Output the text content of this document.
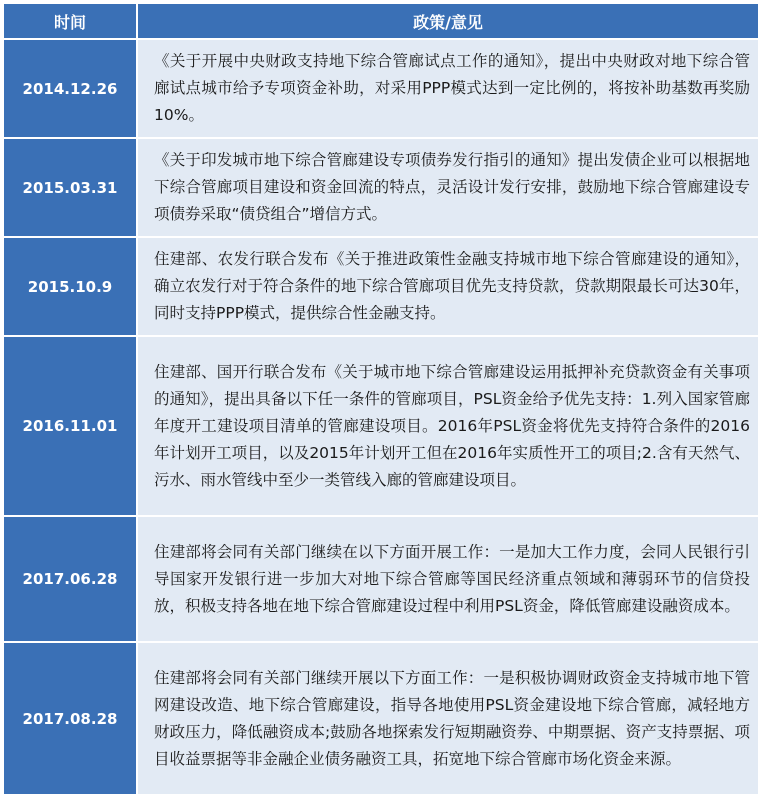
时间	政策/意见
2014.12.26	《关于开展中央财政支持地下综合管廊试点工作的通知》，提出中央财政对地下综合管廊试点城市给予专项资金补助，对采用PPP模式达到一定比例的，将按补助基数再奖励10%。
2015.03.31	《关于印发城市地下综合管廊建设专项债券发行指引的通知》提出发债企业可以根据地下综合管廊项目建设和资金回流的特点，灵活设计发行安排，鼓励地下综合管廊建设专项债券采取“债贷组合”增信方式。
2015.10.9	住建部、农发行联合发布《关于推进政策性金融支持城市地下综合管廊建设的通知》，确立农发行对于符合条件的地下综合管廊项目优先支持贷款，贷款期限最长可达30年，同时支持PPP模式，提供综合性金融支持。
2016.11.01	住建部、国开行联合发布《关于城市地下综合管廊建设运用抵押补充贷款资金有关事项的通知》，提出具备以下任一条件的管廊项目，PSL资金给予优先支持：1.列入国家管廊年度开工建设项目清单的管廊建设项目。2016年PSL资金将优先支持符合条件的2016年计划开工项目，以及2015年计划开工但在2016年实质性开工的项目;2.含有天然气、污水、雨水管线中至少一类管线入廊的管廊建设项目。
2017.06.28	住建部将会同有关部门继续在以下方面开展工作：一是加大工作力度，会同人民银行引导国家开发银行进一步加大对地下综合管廊等国民经济重点领域和薄弱环节的信贷投放，积极支持各地在地下综合管廊建设过程中利用PSL资金，降低管廊建设融资成本。
2017.08.28	住建部将会同有关部门继续开展以下方面工作：一是积极协调财政资金支持城市地下管网建设改造、地下综合管廊建设，指导各地使用PSL资金建设地下综合管廊，减轻地方财政压力，降低融资成本;鼓励各地探索发行短期融资券、中期票据、资产支持票据、项目收益票据等非金融企业债务融资工具，拓宽地下综合管廊市场化资金来源。
